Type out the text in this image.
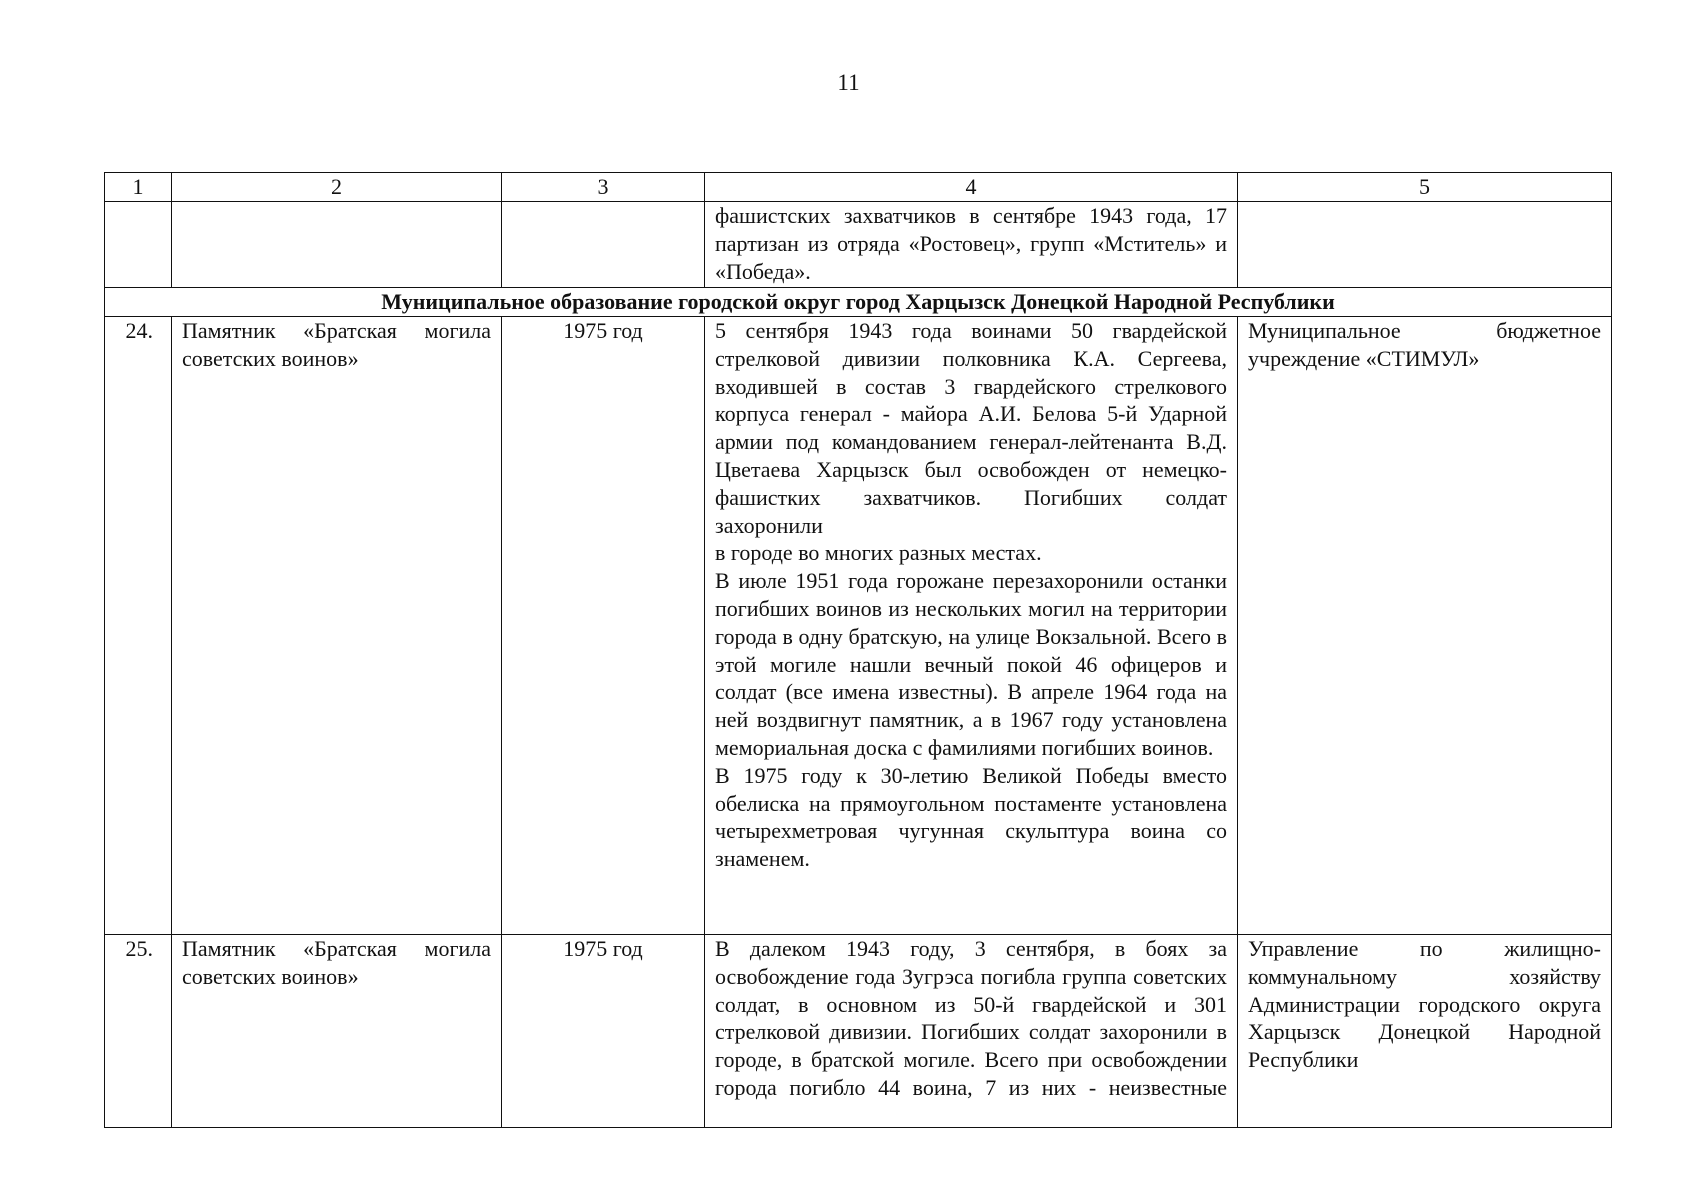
11
1	2	3	4	5
			фашистских захватчиков в сентябре 1943 года, 17 партизан из отряда «Ростовец», групп «Мститель» и «Победа».	
Муниципальное образование городской округ город Харцызск Донецкой Народной Республики				
24.	Памятник «Братская могила советских воинов»	1975 год	5 сентября 1943 года воинами 50 гвардейской стрелковой дивизии полковника К.А. Сергеева, входившей в состав 3 гвардейского стрелкового корпуса генерал - майора А.И. Белова 5-й Ударной армии под командованием генерал-лейтенанта В.Д. Цветаева Харцызск был освобожден от немецко-фашистких захватчиков. Погибших солдат захоронили

в городе во многих разных местах.

В июле 1951 года горожане перезахоронили останки погибших воинов из нескольких могил на территории города в одну братскую, на улице Вокзальной. Всего в этой могиле нашли вечный покой 46 офицеров и солдат (все имена известны). В апреле 1964 года на ней воздвигнут памятник, а в 1967 году установлена мемориальная доска с фамилиями погибших воинов.

В 1975 году к 30-летию Великой Победы вместо обелиска на прямоугольном постаменте установлена четырехметровая чугунная скульптура воина со знаменем.	Муниципальное бюджетное учреждение «СТИМУЛ»
25.	Памятник «Братская могила советских воинов»	1975 год	В далеком 1943 году, 3 сентября, в боях за освобождение года Зугрэса погибла группа советских солдат, в основном из 50-й гвардейской и 301 стрелковой дивизии. Погибших солдат захоронили в городе, в братской могиле. Всего при освобождении города погибло 44 воина, 7 из них - неизвестные	Управление по жилищно-коммунальному хозяйству Администрации городского округа Харцызск Донецкой Народной Республики
